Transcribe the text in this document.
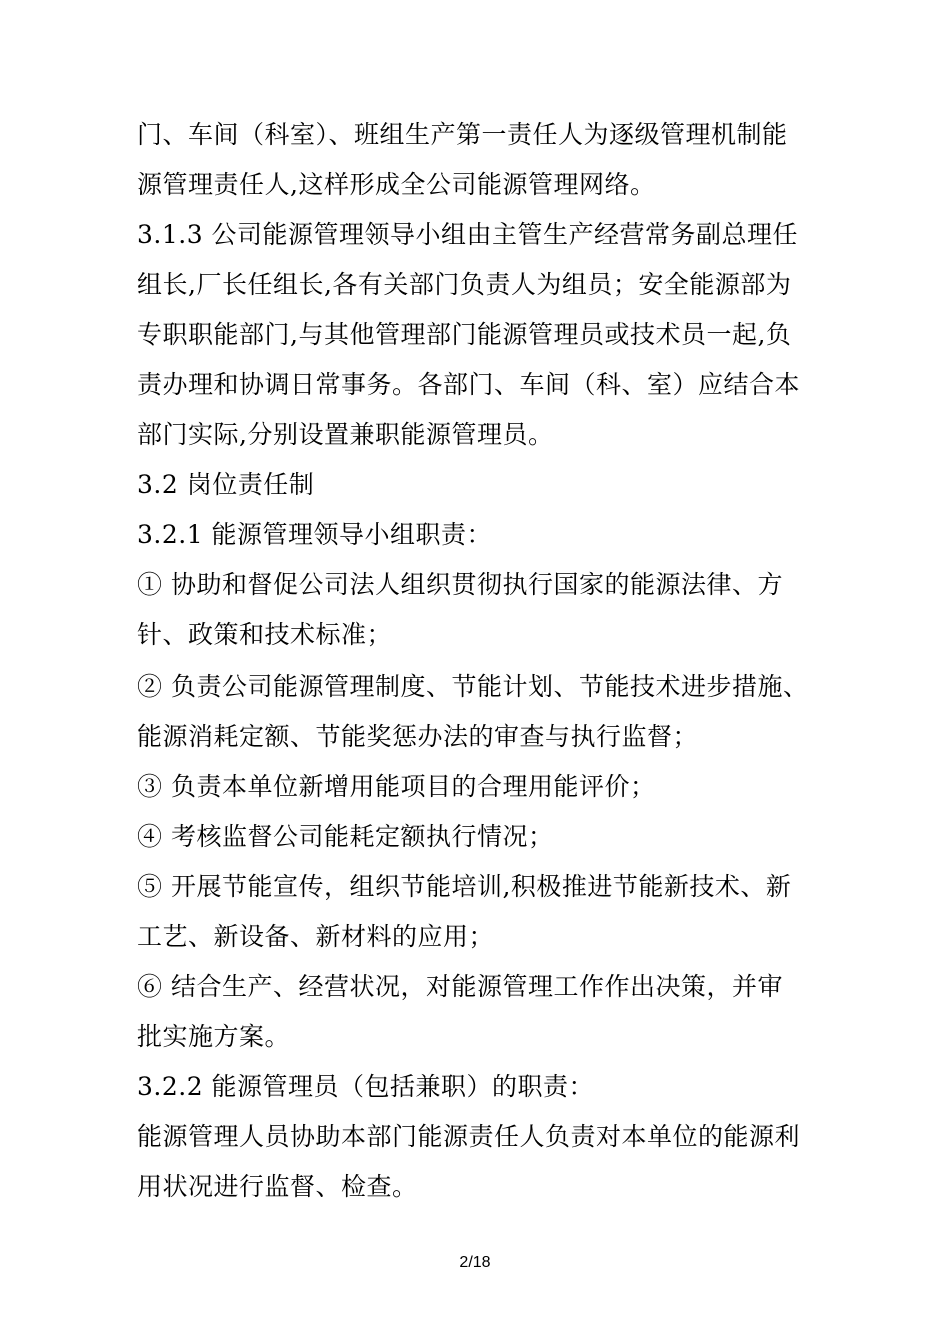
门、车间（科室）、班组生产第一责任人为逐级管理机制能
源管理责任人,这样形成全公司能源管理网络。
3.1.3 公司能源管理领导小组由主管生产经营常务副总理任
组长,厂长任组长,各有关部门负责人为组员；安全能源部为
专职职能部门,与其他管理部门能源管理员或技术员一起,负
责办理和协调日常事务。各部门、车间（科、室）应结合本
部门实际,分别设置兼职能源管理员。
3.2 岗位责任制
3.2.1 能源管理领导小组职责：
① 协助和督促公司法人组织贯彻执行国家的能源法律、方
针、政策和技术标准；
② 负责公司能源管理制度、节能计划、节能技术进步措施、
能源消耗定额、节能奖惩办法的审查与执行监督；
③ 负责本单位新增用能项目的合理用能评价；
④ 考核监督公司能耗定额执行情况；
⑤ 开展节能宣传，组织节能培训,积极推进节能新技术、新
工艺、新设备、新材料的应用；
⑥ 结合生产、经营状况，对能源管理工作作出决策，并审
批实施方案。
3.2.2 能源管理员（包括兼职）的职责：
能源管理人员协助本部门能源责任人负责对本单位的能源利
用状况进行监督、检查。
2/18
